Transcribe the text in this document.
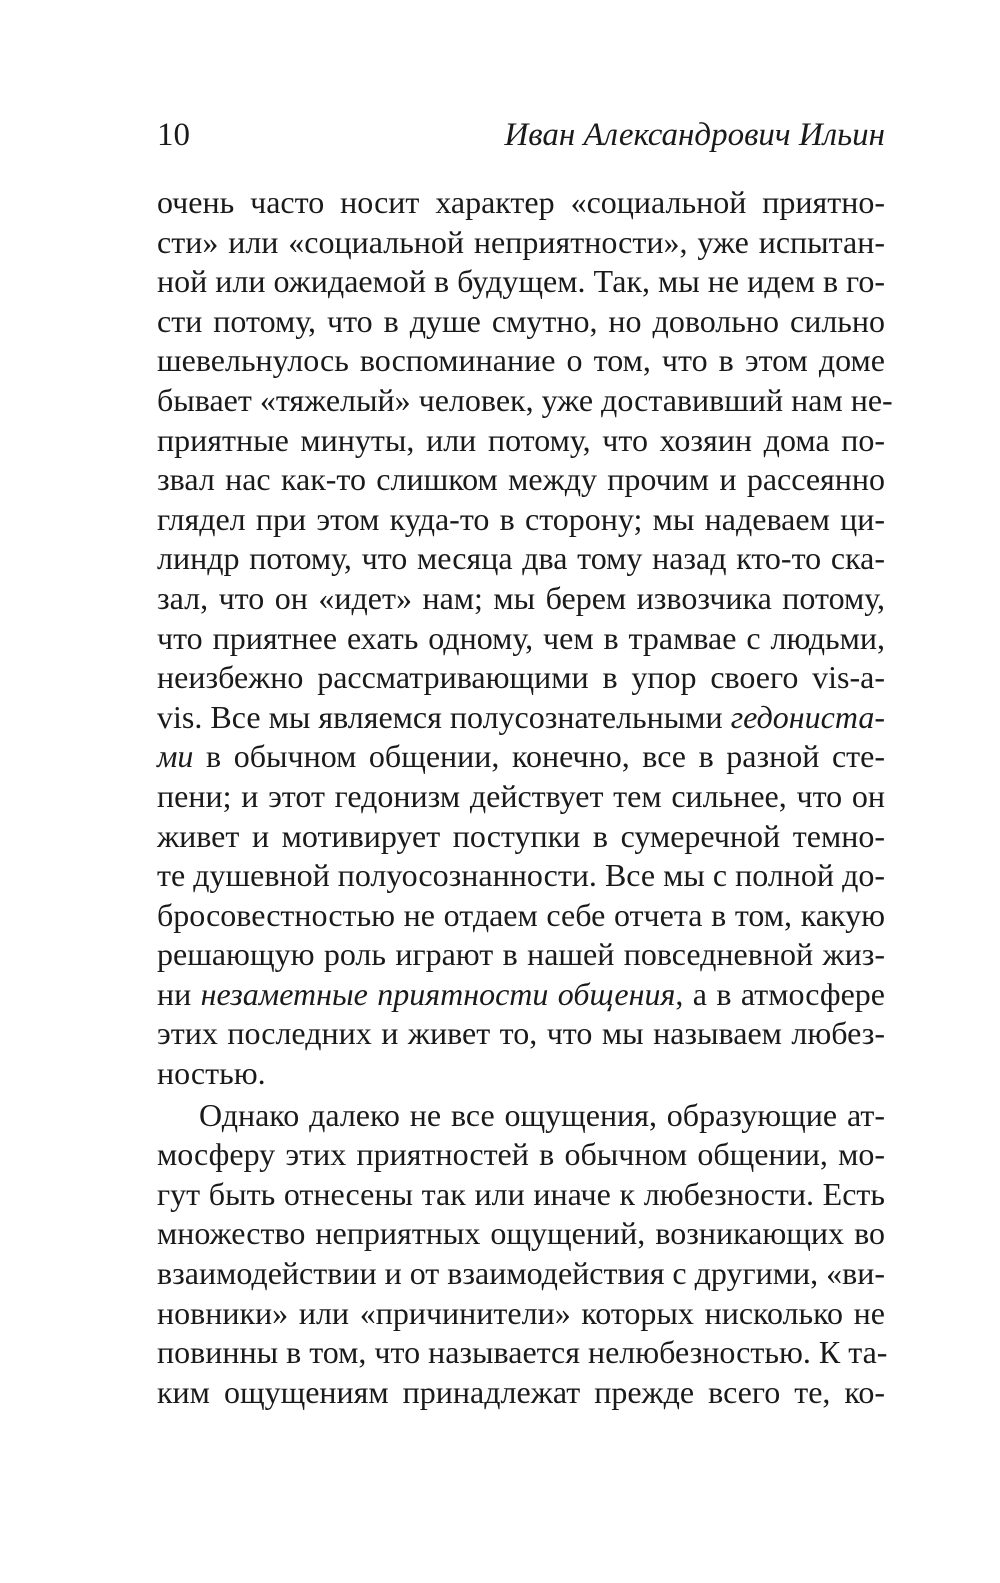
10	Иван Александрович Ильин
очень часто носит характер «социальной приятно-
сти» или «социальной неприятности», уже испытан-
ной или ожидаемой в будущем. Так, мы не идем в го-
сти потому, что в душе смутно, но довольно сильно
шевельнулось воспоминание о том, что в этом доме
бывает «тяжелый» человек, уже доставивший нам не-
приятные минуты, или потому, что хозяин дома по-
звал нас как-то слишком между прочим и рассеянно
глядел при этом куда-то в сторону; мы надеваем ци-
линдр потому, что месяца два тому назад кто-то ска-
зал, что он «идет» нам; мы берем извозчика потому,
что приятнее ехать одному, чем в трамвае с людьми,
неизбежно рассматривающими в упор своего vis-a-
vis. Все мы являемся полусознательными гедониста-
ми в обычном общении, конечно, все в разной сте-
пени; и этот гедонизм действует тем сильнее, что он
живет и мотивирует поступки в сумеречной темно-
те душевной полуосознанности. Все мы с полной до-
бросовестностью не отдаем себе отчета в том, какую
решающую роль играют в нашей повседневной жиз-
ни незаметные приятности общения, а в атмосфере
этих последних и живет то, что мы называем любез-
ностью.
Однако далеко не все ощущения, образующие ат-
мосферу этих приятностей в обычном общении, мо-
гут быть отнесены так или иначе к любезности. Есть
множество неприятных ощущений, возникающих во
взаимодействии и от взаимодействия с другими, «ви-
новники» или «причинители» которых нисколько не
повинны в том, что называется нелюбезностью. К та-
ким ощущениям принадлежат прежде всего те, ко-
